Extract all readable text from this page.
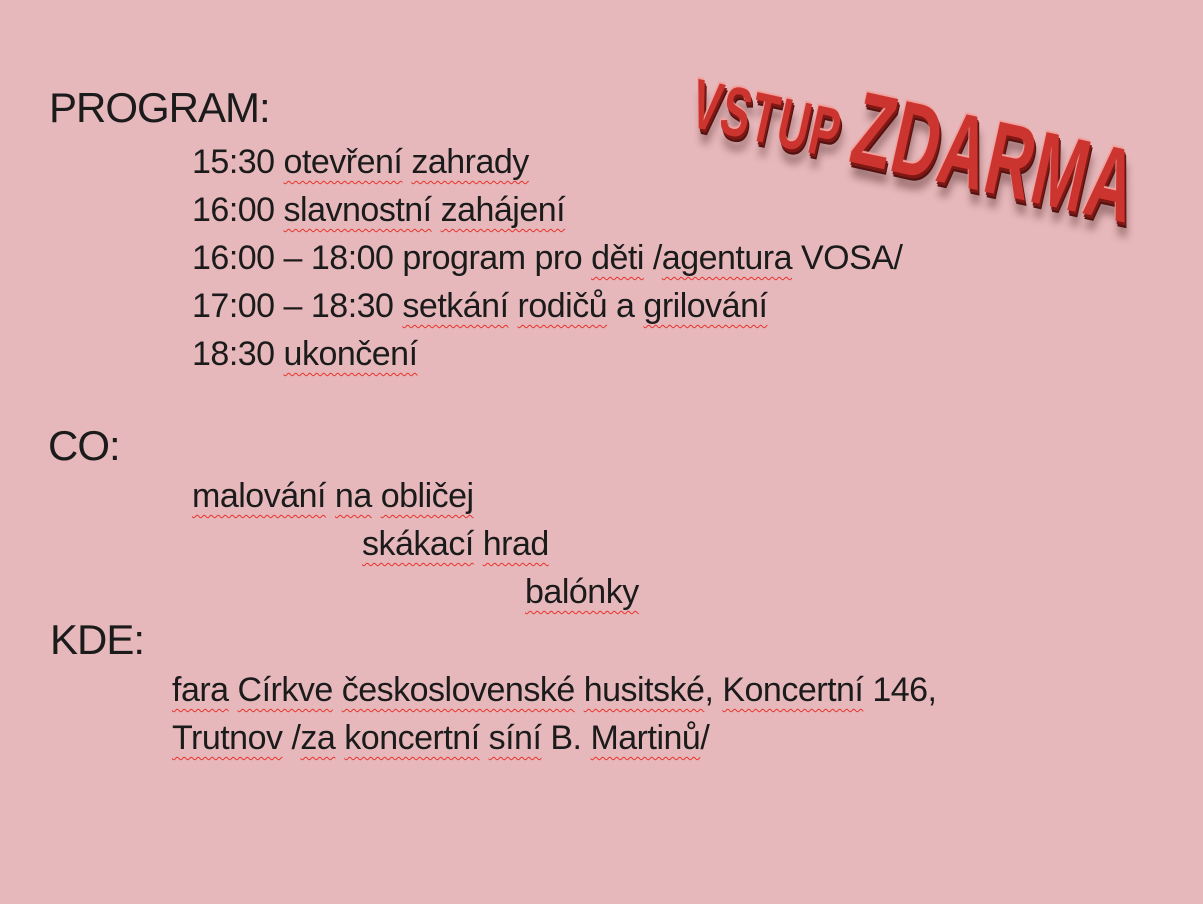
VSTUP ZDARMA
PROGRAM:
15:30 otevření zahrady
16:00 slavnostní zahájení
16:00 – 18:00 program pro děti /agentura VOSA/
17:00 – 18:30 setkání rodičů a grilování
18:30 ukončení
CO:
malování na obličej
skákací hrad
balónky
KDE:
fara Církve československé husitské, Koncertní 146,
Trutnov /za koncertní síní B. Martinů/
